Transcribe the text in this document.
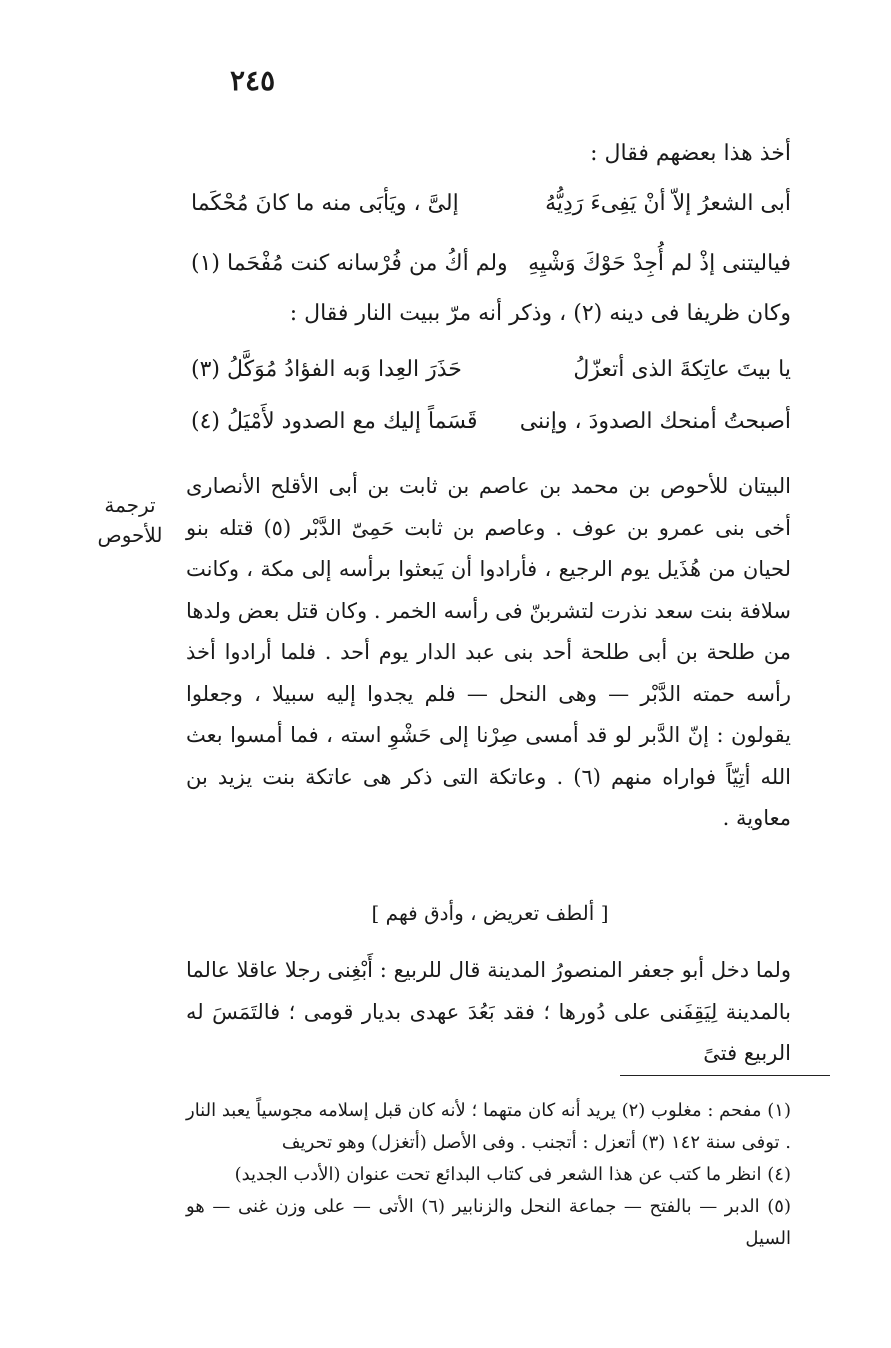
٢٤٥
أخذ هذا بعضهم فقال :
أبى الشعرُ إلاّ أنْ يَفِىءَ رَدِيُّهُ
إلىَّ ، ويَأبَى منه ما كانَ مُحْكَما
فياليتنى إذْ لم أُجِدْ حَوْكَ وَشْيِهِ
ولم أكُ من فُرْسانه كنت مُفْحَما (١)
وكان ظريفا فى دينه (٢) ، وذكر أنه مرّ ببيت النار فقال :
يا بيتَ عاتِكةَ الذى أتعزّلُ
حَذَرَ العِدا وَبه الفؤادُ مُوَكَّلُ (٣)
أصبحتُ أمنحك الصدودَ ، وإننى
قَسَماً إليك مع الصدود لأَمْيَلُ (٤)
ترجمة
للأحوص

البيتان للأحوص بن محمد بن عاصم بن ثابت بن أبى الأقلح الأنصارى أخى بنى عمرو بن عوف . وعاصم بن ثابت حَمِىّ الدَّبْر (٥) قتله بنو لحيان من هُذَيل يوم الرجيع ، فأرادوا أن يَبعثوا برأسه إلى مكة ، وكانت سلافة بنت سعد نذرت لتشربنّ فى رأسه الخمر . وكان قتل بعض ولدها من طلحة بن أبى طلحة أحد بنى عبد الدار يوم أحد . فلما أرادوا أخذ رأسه حمته الدَّبْر — وهى النحل — فلم يجدوا إليه سبيلا ، وجعلوا يقولون : إنّ الدَّبر لو قد أمسى صِرْنا إلى حَشْوِ استه ، فما أمسوا بعث الله أتِيّاً فواراه منهم (٦) . وعاتكة التى ذكر هى عاتكة بنت يزيد بن معاوية .

[ ألطف تعريض ، وأدق فهم ]

ولما دخل أبو جعفر المنصورُ المدينة قال للربيع : أَبْغِنى رجلا عاقلا عالما بالمدينة لِيَقِفَنى على دُورها ؛ فقد بَعُدَ عهدى بديار قومى ؛ فالتَمَسَ له الربيع فتىً

(١) مفحم : مغلوب (٢) يريد أنه كان متهما ؛ لأنه كان قبل إسلامه مجوسياً يعبد النار . توفى سنة ١٤٢ (٣) أتعزل : أتجنب . وفى الأصل (أتغزل) وهو تحريف

(٤) انظر ما كتب عن هذا الشعر فى كتاب البدائع تحت عنوان (الأدب الجديد)

(٥) الدبر — بالفتح — جماعة النحل والزنابير (٦) الأتى — على وزن غنى — هو السيل
